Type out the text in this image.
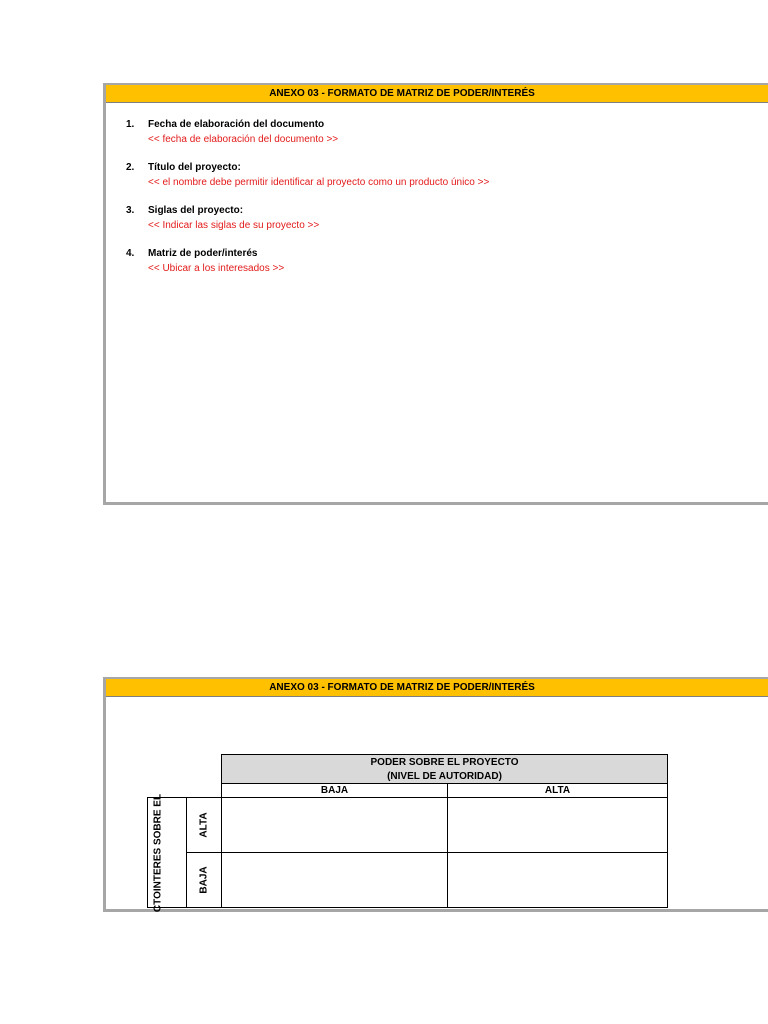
ANEXO 03 - FORMATO DE MATRIZ DE PODER/INTERÉS
1. Fecha de elaboración del documento
<< fecha de elaboración del documento >>
2. Título del proyecto:
<< el nombre debe permitir identificar al proyecto como un producto único >>
3. Siglas del proyecto:
<< Indicar las siglas de su proyecto >>
4. Matriz de poder/interés
<< Ubicar a los interesados >>
ANEXO 03 - FORMATO DE MATRIZ DE PODER/INTERÉS
PODER SOBRE EL PROYECTO
(NIVEL DE AUTORIDAD)
BAJA	ALTA
CTOINTERES SOBRE EL	ALTA
BAJA
